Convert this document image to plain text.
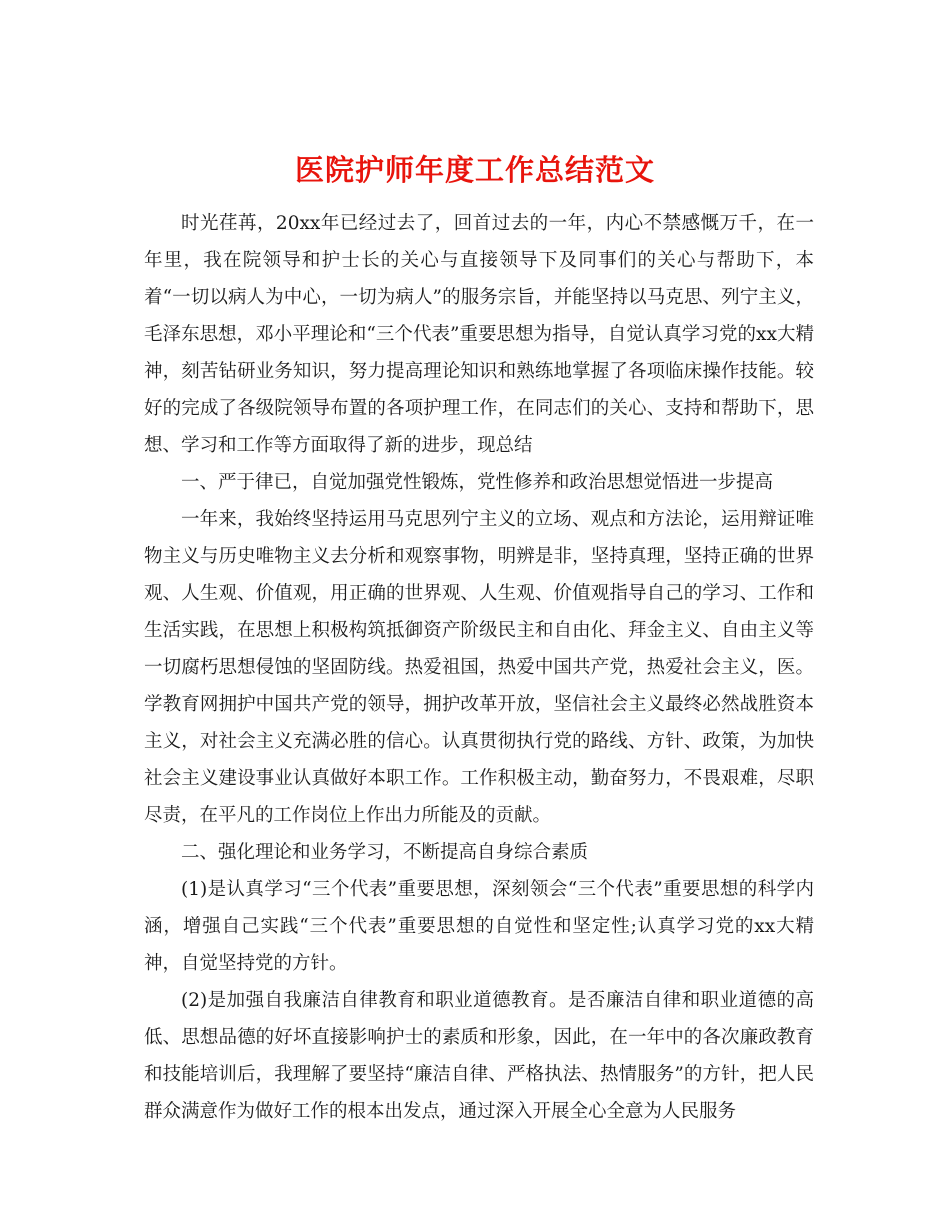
医院护师年度工作总结范文

时光荏苒，20xx年已经过去了，回首过去的一年，内心不禁感慨万千，在一年里，我在院领导和护士长的关心与直接领导下及同事们的关心与帮助下，本着“一切以病人为中心，一切为病人”的服务宗旨，并能坚持以马克思、列宁主义，毛泽东思想，邓小平理论和“三个代表”重要思想为指导，自觉认真学习党的xx大精神，刻苦钻研业务知识，努力提高理论知识和熟练地掌握了各项临床操作技能。较好的完成了各级院领导布置的各项护理工作，在同志们的关心、支持和帮助下，思想、学习和工作等方面取得了新的进步，现总结

一、严于律已，自觉加强党性锻炼，党性修养和政治思想觉悟进一步提高

一年来，我始终坚持运用马克思列宁主义的立场、观点和方法论，运用辩证唯物主义与历史唯物主义去分析和观察事物，明辨是非，坚持真理，坚持正确的世界观、人生观、价值观，用正确的世界观、人生观、价值观指导自己的学习、工作和生活实践，在思想上积极构筑抵御资产阶级民主和自由化、拜金主义、自由主义等一切腐朽思想侵蚀的坚固防线。热爱祖国，热爱中国共产党，热爱社会主义，医。学教育网拥护中国共产党的领导，拥护改革开放，坚信社会主义最终必然战胜资本主义，对社会主义充满必胜的信心。认真贯彻执行党的路线、方针、政策，为加快社会主义建设事业认真做好本职工作。工作积极主动，勤奋努力，不畏艰难，尽职尽责，在平凡的工作岗位上作出力所能及的贡献。

二、强化理论和业务学习，不断提高自身综合素质

(1)是认真学习“三个代表”重要思想，深刻领会“三个代表”重要思想的科学内涵，增强自己实践“三个代表”重要思想的自觉性和坚定性;认真学习党的xx大精神，自觉坚持党的方针。

(2)是加强自我廉洁自律教育和职业道德教育。是否廉洁自律和职业道德的高低、思想品德的好坏直接影响护士的素质和形象，因此，在一年中的各次廉政教育和技能培训后，我理解了要坚持“廉洁自律、严格执法、热情服务”的方针，把人民群众满意作为做好工作的根本出发点，通过深入开展全心全意为人民服务
